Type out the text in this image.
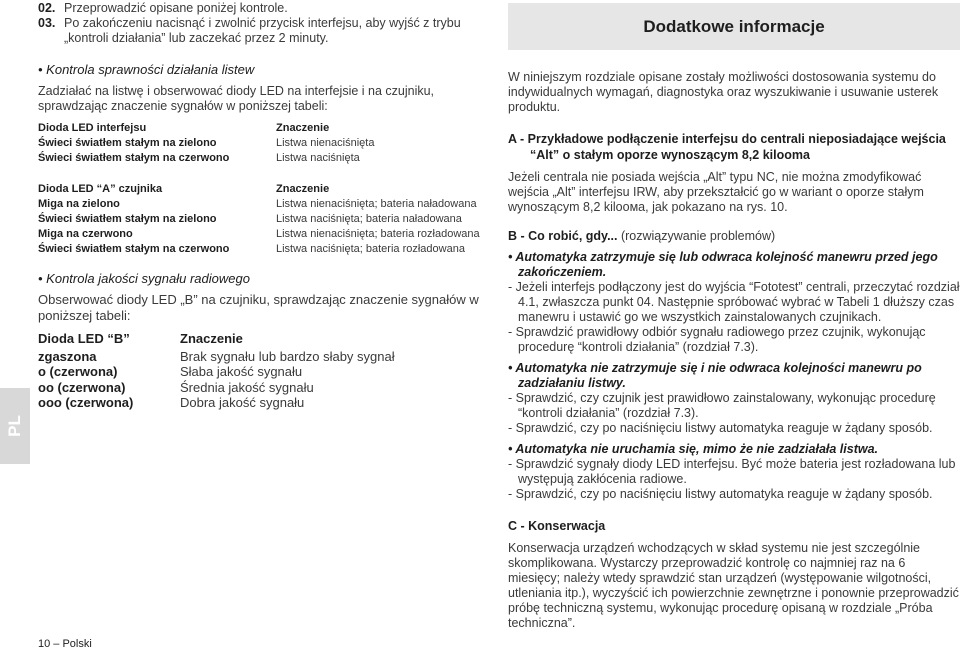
02. Przeprowadzić opisane poniżej kontrole.

03. Po zakończeniu nacisnąć i zwolnić przycisk interfejsu, aby wyjść z trybu „kontroli działania” lub zaczekać przez 2 minuty.

• Kontrola sprawności działania listew

Zadziałać na listwę i obserwować diody LED na interfejsie i na czujniku, sprawdzając znaczenie sygnałów w poniższej tabeli:

Dioda LED interfejsu	Znaczenie
Świeci światłem stałym na zielono	Listwa nienaciśnięta
Świeci światłem stałym na czerwono	Listwa naciśnięta
Dioda LED “A” czujnika	Znaczenie
Miga na zielono	Listwa nienaciśnięta; bateria naładowana
Świeci światłem stałym na zielono	Listwa naciśnięta; bateria naładowana
Miga na czerwono	Listwa nienaciśnięta; bateria rozładowana
Świeci światłem stałym na czerwono	Listwa naciśnięta; bateria rozładowana

• Kontrola jakości sygnału radiowego

Obserwować diody LED „B” na czujniku, sprawdzając znaczenie sygnałów w poniższej tabeli:

Dioda LED “B”	Znaczenie
zgaszona	Brak sygnału lub bardzo słaby sygnał
o (czerwona)	Słaba jakość sygnału
oo (czerwona)	Średnia jakość sygnału
ooo (czerwona)	Dobra jakość sygnału
PL
10 – Polski
Dodatkowe informacje

W niniejszym rozdziale opisane zostały możliwości dostosowania systemu do indywidualnych wymagań, diagnostyka oraz wyszukiwanie i usuwanie usterek produktu.

A - Przykładowe podłączenie interfejsu do centrali nieposiadające wejścia “Alt” o stałym oporze wynoszącym 8,2 kilooma

Jeżeli centrala nie posiada wejścia „Alt” typu NC, nie można zmodyfikować wejścia „Alt” interfejsu IRW, aby przekształcić go w wariant o oporze stałym wynoszącym 8,2 kiloома, jak pokazano na rys. 10.

B - Co robić, gdy... (rozwiązywanie problemów)

• Automatyka zatrzymuje się lub odwraca kolejność manewru przed jego zakończeniem.

- Jeżeli interfejs podłączony jest do wyjścia “Fototest” centrali, przeczytać rozdział 4.1, zwłaszcza punkt 04. Następnie spróbować wybrać w Tabeli 1 dłuższy czas manewru i ustawić go we wszystkich zainstalowanych czujnikach.

- Sprawdzić prawidłowy odbiór sygnału radiowego przez czujnik, wykonując procedurę “kontroli działania” (rozdział 7.3).

• Automatyka nie zatrzymuje się i nie odwraca kolejności manewru po zadziałaniu listwy.

- Sprawdzić, czy czujnik jest prawidłowo zainstalowany, wykonując procedurę “kontroli działania” (rozdział 7.3).

- Sprawdzić, czy po naciśnięciu listwy automatyka reaguje w żądany sposób.

• Automatyka nie uruchamia się, mimo że nie zadziałała listwa.

- Sprawdzić sygnały diody LED interfejsu. Być może bateria jest rozładowana lub występują zakłócenia radiowe.

- Sprawdzić, czy po naciśnięciu listwy automatyka reaguje w żądany sposób.

C - Konserwacja

Konserwacja urządzeń wchodzących w skład systemu nie jest szczególnie skomplikowana. Wystarczy przeprowadzić kontrolę co najmniej raz na 6 miesięcy; należy wtedy sprawdzić stan urządzeń (występowanie wilgotności, utleniania itp.), wyczyścić ich powierzchnie zewnętrzne i ponownie przeprowadzić próbę techniczną systemu, wykonując procedurę opisaną w rozdziale „Próba techniczna”.
